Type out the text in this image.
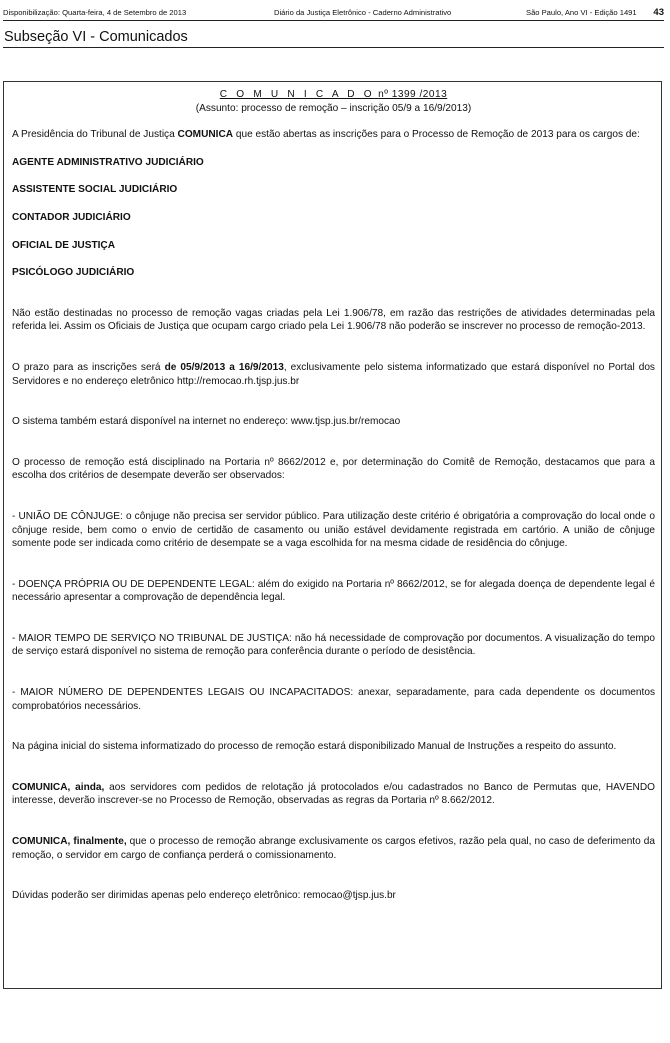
Disponibilização: Quarta-feira, 4 de Setembro de 2013	Diário da Justiça Eletrônico - Caderno Administrativo	São Paulo, Ano VI - Edição 1491 43
Subseção VI - Comunicados

C O M U N I C A D O nº 1399 /2013

(Assunto: processo de remoção – inscrição 05/9 a 16/9/2013)

A Presidência do Tribunal de Justiça COMUNICA que estão abertas as inscrições para o Processo de Remoção de 2013 para os cargos de:

AGENTE ADMINISTRATIVO JUDICIÁRIO

ASSISTENTE SOCIAL JUDICIÁRIO

CONTADOR JUDICIÁRIO

OFICIAL DE JUSTIÇA

PSICÓLOGO JUDICIÁRIO

Não estão destinadas no processo de remoção vagas criadas pela Lei 1.906/78, em razão das restrições de atividades determinadas pela referida lei. Assim os Oficiais de Justiça que ocupam cargo criado pela Lei 1.906/78 não poderão se inscrever no processo de remoção-2013.

O prazo para as inscrições será de 05/9/2013 a 16/9/2013, exclusivamente pelo sistema informatizado que estará disponível no Portal dos Servidores e no endereço eletrônico http://remocao.rh.tjsp.jus.br

O sistema também estará disponível na internet no endereço: www.tjsp.jus.br/remocao

O processo de remoção está disciplinado na Portaria nº 8662/2012 e, por determinação do Comitê de Remoção, destacamos que para a escolha dos critérios de desempate deverão ser observados:

- UNIÃO DE CÔNJUGE: o cônjuge não precisa ser servidor público. Para utilização deste critério é obrigatória a comprovação do local onde o cônjuge reside, bem como o envio de certidão de casamento ou união estável devidamente registrada em cartório. A união de cônjuge somente pode ser indicada como critério de desempate se a vaga escolhida for na mesma cidade de residência do cônjuge.

- DOENÇA PRÓPRIA OU DE DEPENDENTE LEGAL: além do exigido na Portaria nº 8662/2012, se for alegada doença de dependente legal é necessário apresentar a comprovação de dependência legal.

- MAIOR TEMPO DE SERVIÇO NO TRIBUNAL DE JUSTIÇA: não há necessidade de comprovação por documentos. A visualização do tempo de serviço estará disponível no sistema de remoção para conferência durante o período de desistência.

- MAIOR NÚMERO DE DEPENDENTES LEGAIS OU INCAPACITADOS: anexar, separadamente, para cada dependente os documentos comprobatórios necessários.

Na página inicial do sistema informatizado do processo de remoção estará disponibilizado Manual de Instruções a respeito do assunto.

COMUNICA, ainda, aos servidores com pedidos de relotação já protocolados e/ou cadastrados no Banco de Permutas que, HAVENDO interesse, deverão inscrever-se no Processo de Remoção, observadas as regras da Portaria nº 8.662/2012.

COMUNICA, finalmente, que o processo de remoção abrange exclusivamente os cargos efetivos, razão pela qual, no caso de deferimento da remoção, o servidor em cargo de confiança perderá o comissionamento.

Dúvidas poderão ser dirimidas apenas pelo endereço eletrônico: remocao@tjsp.jus.br
